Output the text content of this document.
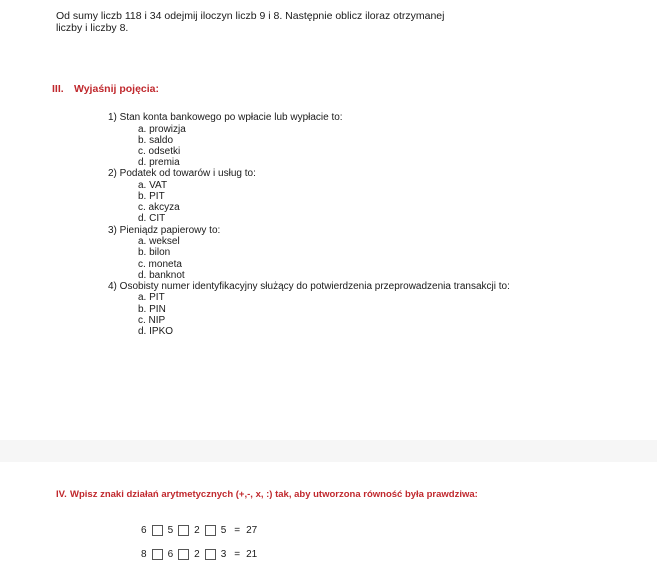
Od sumy liczb 118 i 34 odejmij iloczyn liczb 9 i 8. Następnie oblicz iloraz otrzymanej
liczby i liczby 8.
III. Wyjaśnij pojęcia:
1) Stan konta bankowego po wpłacie lub wypłacie to:
a. prowizja
b. saldo
c. odsetki
d. premia
2) Podatek od towarów i usług to:
a. VAT
b. PIT
c. akcyza
d. CIT
3) Pieniądz papierowy to:
a. weksel
b. bilon
c. moneta
d. banknot
4) Osobisty numer identyfikacyjny służący do potwierdzenia przeprowadzenia transakcji to:
a. PIT
b. PIN
c. NIP
d. IPKO
IV. Wpisz znaki działań arytmetycznych (+,-, x, :) tak, aby utworzona równość była prawdziwa:
6 5 2 5 = 27
8 6 2 3 = 21
